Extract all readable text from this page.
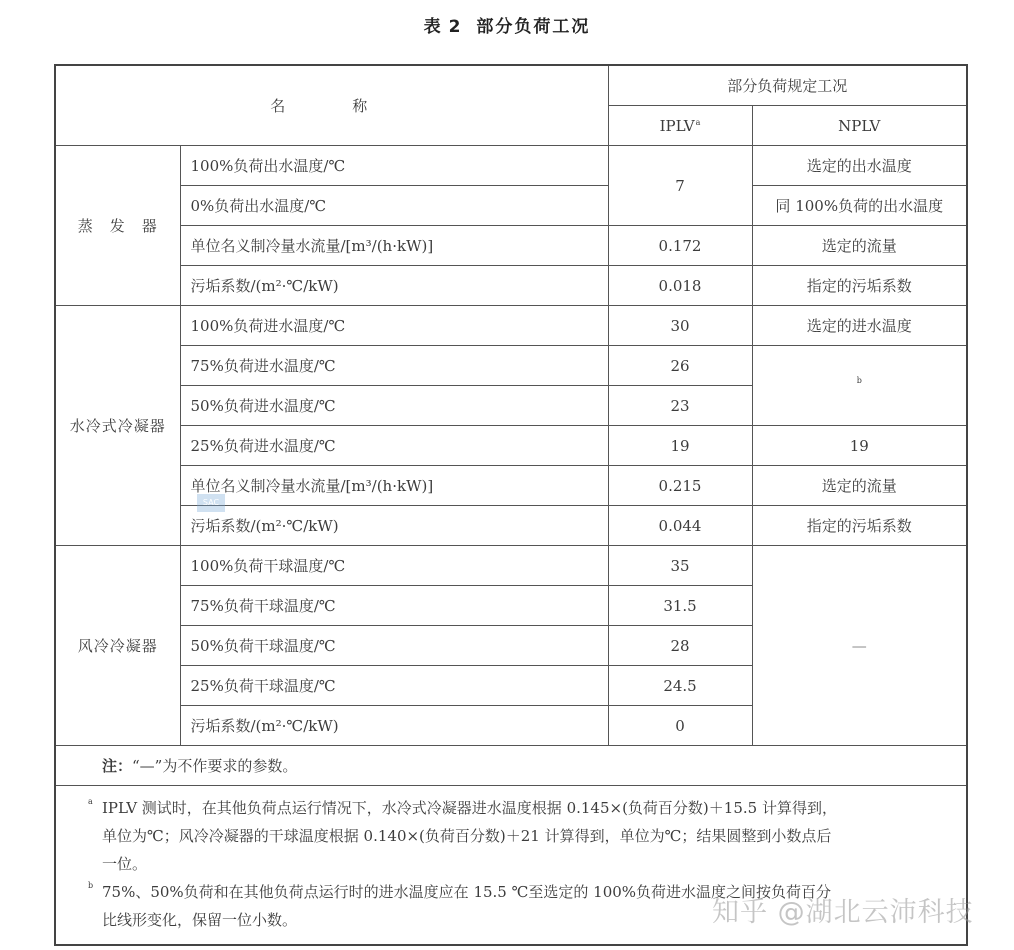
表 2 部分负荷工况
名　称		部分负荷规定工况	
		IPLV$^a$	NPLV
蒸　发　器	100%负荷出水温度/℃	7	选定的出水温度
	0%负荷出水温度/℃		同 100%负荷的出水温度
	单位名义制冷量水流量/[m³/(h·kW)]	0.172	选定的流量
	污垢系数/(m²·℃/kW)	0.018	指定的污垢系数
水冷式冷凝器	100%负荷进水温度/℃	30	选定的进水温度
	75%负荷进水温度/℃	26	$^b$
	50%负荷进水温度/℃	23	
	25%负荷进水温度/℃	19	19
	单位名义制冷量水流量/[m³/(h·kW)]	0.215	选定的流量
	污垢系数/(m²·℃/kW)	0.044	指定的污垢系数
风冷冷凝器	100%负荷干球温度/℃	35	—
	75%负荷干球温度/℃	31.5	
	50%负荷干球温度/℃	28	
	25%负荷干球温度/℃	24.5	
	污垢系数/(m²·℃/kW)	0	
注：“—”为不作要求的参数。			

a IPLV 测试时，在其他负荷点运行情况下，水冷式冷凝器进水温度根据 0.145×(负荷百分数)＋15.5 计算得到，
单位为℃；风冷冷凝器的干球温度根据 0.140×(负荷百分数)＋21 计算得到，单位为℃；结果圆整到小数点后
一位。
b 75%、50%负荷和在其他负荷点运行时的进水温度应在 15.5 ℃至选定的 100%负荷进水温度之间按负荷百分
比线形变化，保留一位小数。
SAC
知乎 @湖北云沛科技
